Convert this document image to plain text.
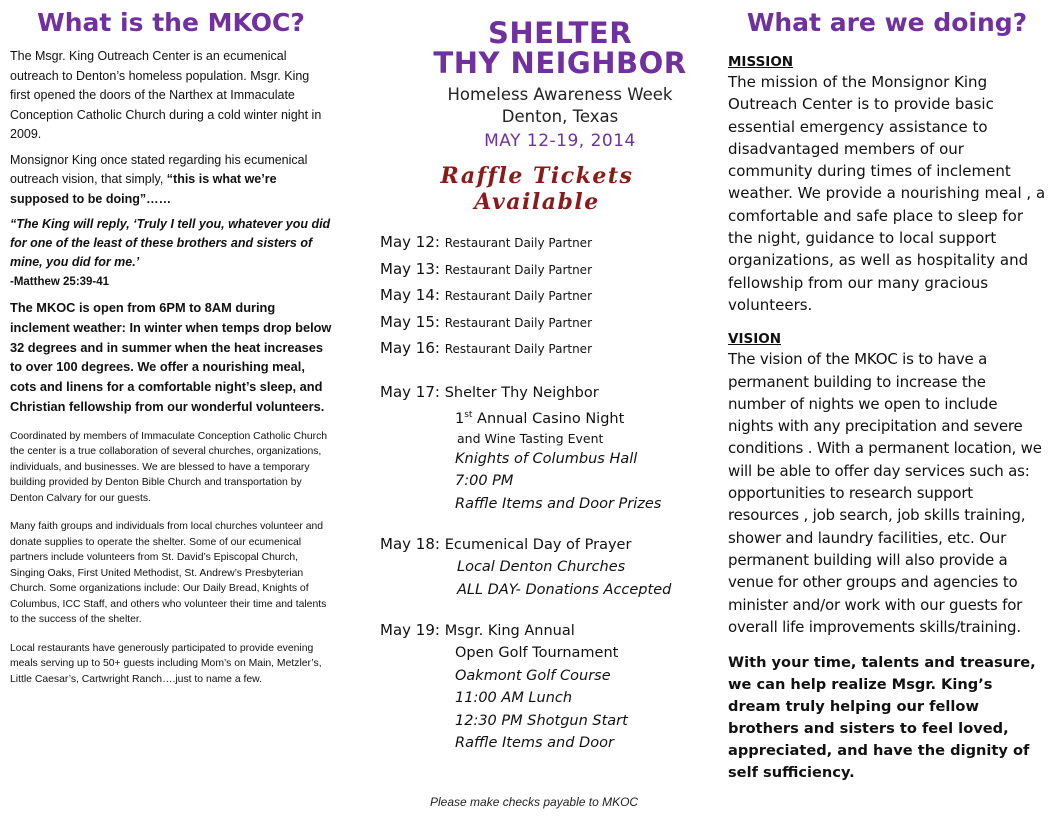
What is the MKOC?

The Msgr. King Outreach Center is an ecumenical outreach to Denton’s homeless population. Msgr. King first opened the doors of the Narthex at Immaculate Conception Catholic Church during a cold winter night in 2009.

Monsignor King once stated regarding his ecumenical outreach vision, that simply, “this is what we’re supposed to be doing”……

“The King will reply, ‘Truly I tell you, whatever you did for one of the least of these brothers and sisters of mine, you did for me.’

-Matthew 25:39-41

The MKOC is open from 6PM to 8AM during inclement weather: In winter when temps drop below 32 degrees and in summer when the heat increases to over 100 degrees. We offer a nourishing meal, cots and linens for a comfortable night’s sleep, and Christian fellowship from our wonderful volunteers.

Coordinated by members of Immaculate Conception Catholic Church the center is a true collaboration of several churches, organizations, individuals, and businesses. We are blessed to have a temporary building provided by Denton Bible Church and transportation by Denton Calvary for our guests.

Many faith groups and individuals from local churches volunteer and donate supplies to operate the shelter. Some of our ecumenical partners include volunteers from St. David’s Episcopal Church, Singing Oaks, First United Methodist, St. Andrew’s Presbyterian Church. Some organizations include: Our Daily Bread, Knights of Columbus, ICC Staff, and others who volunteer their time and talents to the success of the shelter.

Local restaurants have generously participated to provide evening meals serving up to 50+ guests including Mom’s on Main, Metzler’s, Little Caesar’s, Cartwright Ranch….just to name a few.

SHELTER
THY NEIGHBOR
Homeless Awareness Week
Denton, Texas
MAY 12-19, 2014
Raffle Tickets Available
May 12: Restaurant Daily Partner
May 13: Restaurant Daily Partner
May 14: Restaurant Daily Partner
May 15: Restaurant Daily Partner
May 16: Restaurant Daily Partner
May 17: Shelter Thy Neighbor
1st Annual Casino Night
and Wine Tasting Event
Knights of Columbus Hall
7:00 PM
Raffle Items and Door Prizes
May 18: Ecumenical Day of Prayer
Local Denton Churches
ALL DAY- Donations Accepted
May 19: Msgr. King Annual
Open Golf Tournament
Oakmont Golf Course
11:00 AM Lunch
12:30 PM Shotgun Start
Raffle Items and Door
Please make checks payable to MKOC
What are we doing?
MISSION

The mission of the Monsignor King Outreach Center is to provide basic essential emergency assistance to disadvantaged members of our community during times of inclement weather. We provide a nourishing meal , a comfortable and safe place to sleep for the night, guidance to local support organizations, as well as hospitality and fellowship from our many gracious volunteers.

VISION

The vision of the MKOC is to have a permanent building to increase the number of nights we open to include nights with any precipitation and severe conditions . With a permanent location, we will be able to offer day services such as: opportunities to research support resources , job search, job skills training, shower and laundry facilities, etc. Our permanent building will also provide a venue for other groups and agencies to minister and/or work with our guests for overall life improvements skills/training.

With your time, talents and treasure, we can help realize Msgr. King’s dream truly helping our fellow brothers and sisters to feel loved, appreciated, and have the dignity of self sufficiency.
